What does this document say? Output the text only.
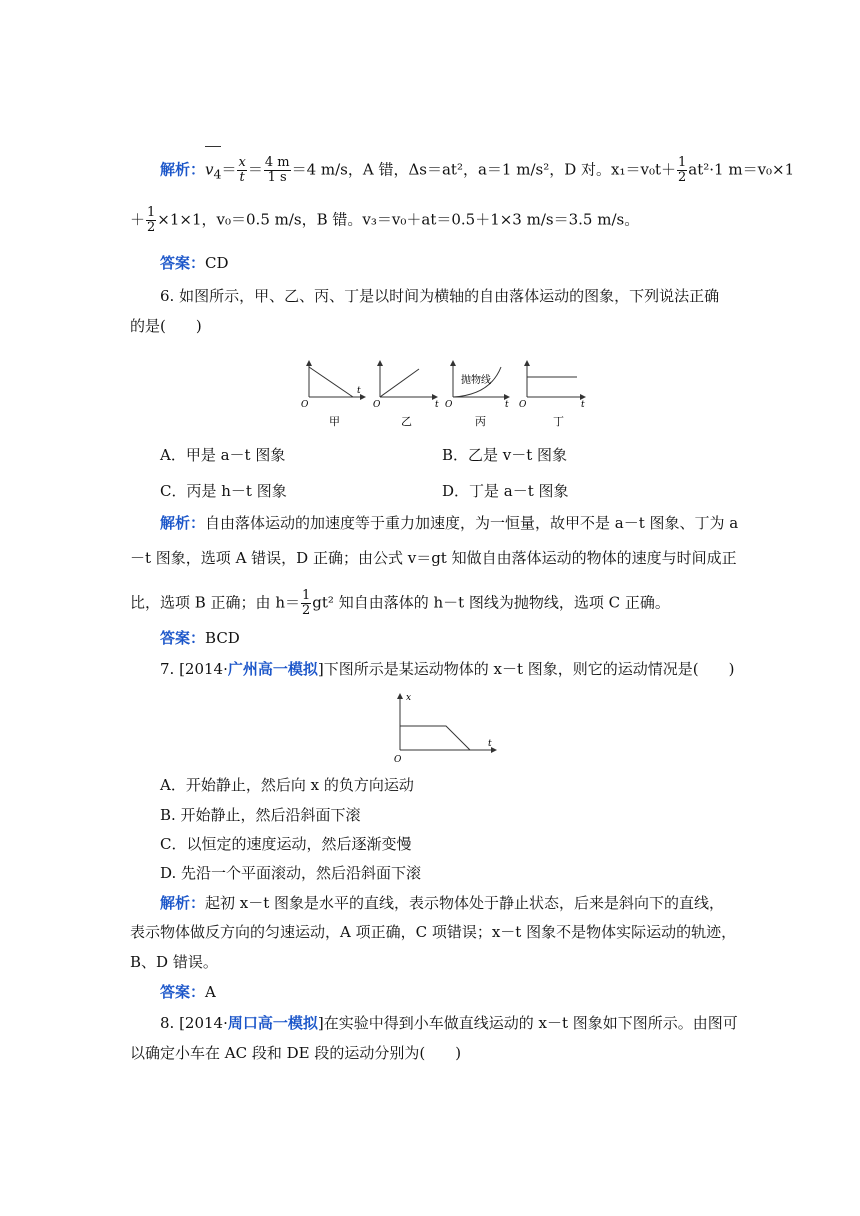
解析：$v_4= \frac{x}{t} = \frac{4 m}{1 s} =4$ m/s，A 错，Δs＝at²，a＝1 m/s²，D 对。$x_1=v_0t+ \frac{1}{2} at^2\cdot 1$ m＝v₀×1
＋ $\frac{1}{2} \times 1\times 1$，v₀＝0.5 m/s，B 错。v₃＝v₀＋at＝0.5＋1×3 m/s＝3.5 m/s。
答案：CD
6. 如图所示，甲、乙、丙、丁是以时间为横轴的自由落体运动的图象，下列说法正确
的是(　　)
O
t
甲
O	t
乙
抛物线
O	t
丙
O	t
丁
A．甲是 a－t 图象	B．乙是 v－t 图象
C．丙是 h－t 图象	D．丁是 a－t 图象
解析：自由落体运动的加速度等于重力加速度，为一恒量，故甲不是 a－t 图象、丁为 a
－t 图象，选项 A 错误，D 正确；由公式 v＝gt 知做自由落体运动的物体的速度与时间成正
比，选项 B 正确；由 $h= \frac{1}{2} gt^2$ 知自由落体的 h－t 图线为抛物线，选项 C 正确。
答案：BCD
7. [2014·广州高一模拟]下图所示是某运动物体的 x－t 图象，则它的运动情况是(　　)
x
t
O
A．开始静止，然后向 x 的负方向运动
B. 开始静止，然后沿斜面下滚
C．以恒定的速度运动，然后逐渐变慢
D. 先沿一个平面滚动，然后沿斜面下滚
解析：起初 x－t 图象是水平的直线，表示物体处于静止状态，后来是斜向下的直线，
表示物体做反方向的匀速运动，A 项正确，C 项错误；x－t 图象不是物体实际运动的轨迹，
B、D 错误。
答案：A
8. [2014·周口高一模拟]在实验中得到小车做直线运动的 x－t 图象如下图所示。由图可
以确定小车在 AC 段和 DE 段的运动分别为(　　)
